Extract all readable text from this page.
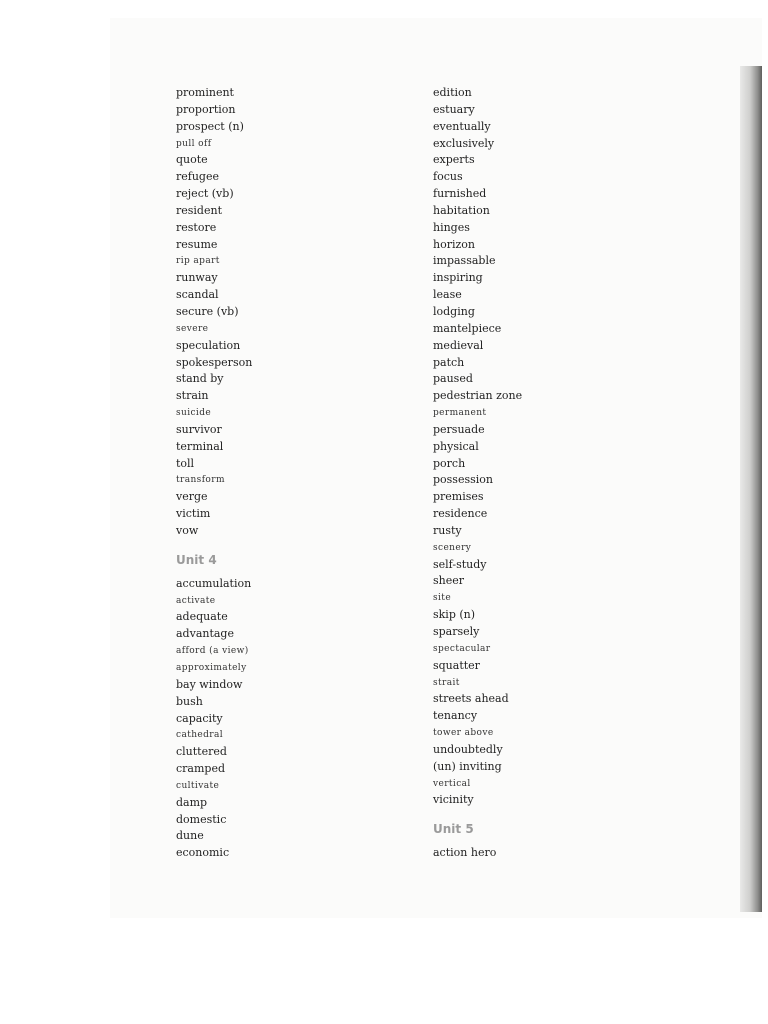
prominent
proportion
prospect (n)
pull off
quote
refugee
reject (vb)
resident
restore
resume
rip apart
runway
scandal
secure (vb)
severe
speculation
spokesperson
stand by
strain
suicide
survivor
terminal
toll
transform
verge
victim
vow
Unit 4
accumulation
activate
adequate
advantage
afford (a view)
approximately
bay window
bush
capacity
cathedral
cluttered
cramped
cultivate
damp
domestic
dune
economic
edition
estuary
eventually
exclusively
experts
focus
furnished
habitation
hinges
horizon
impassable
inspiring
lease
lodging
mantelpiece
medieval
patch
paused
pedestrian zone
permanent
persuade
physical
porch
possession
premises
residence
rusty
scenery
self-study
sheer
site
skip (n)
sparsely
spectacular
squatter
strait
streets ahead
tenancy
tower above
undoubtedly
(un) inviting
vertical
vicinity
Unit 5
action hero
